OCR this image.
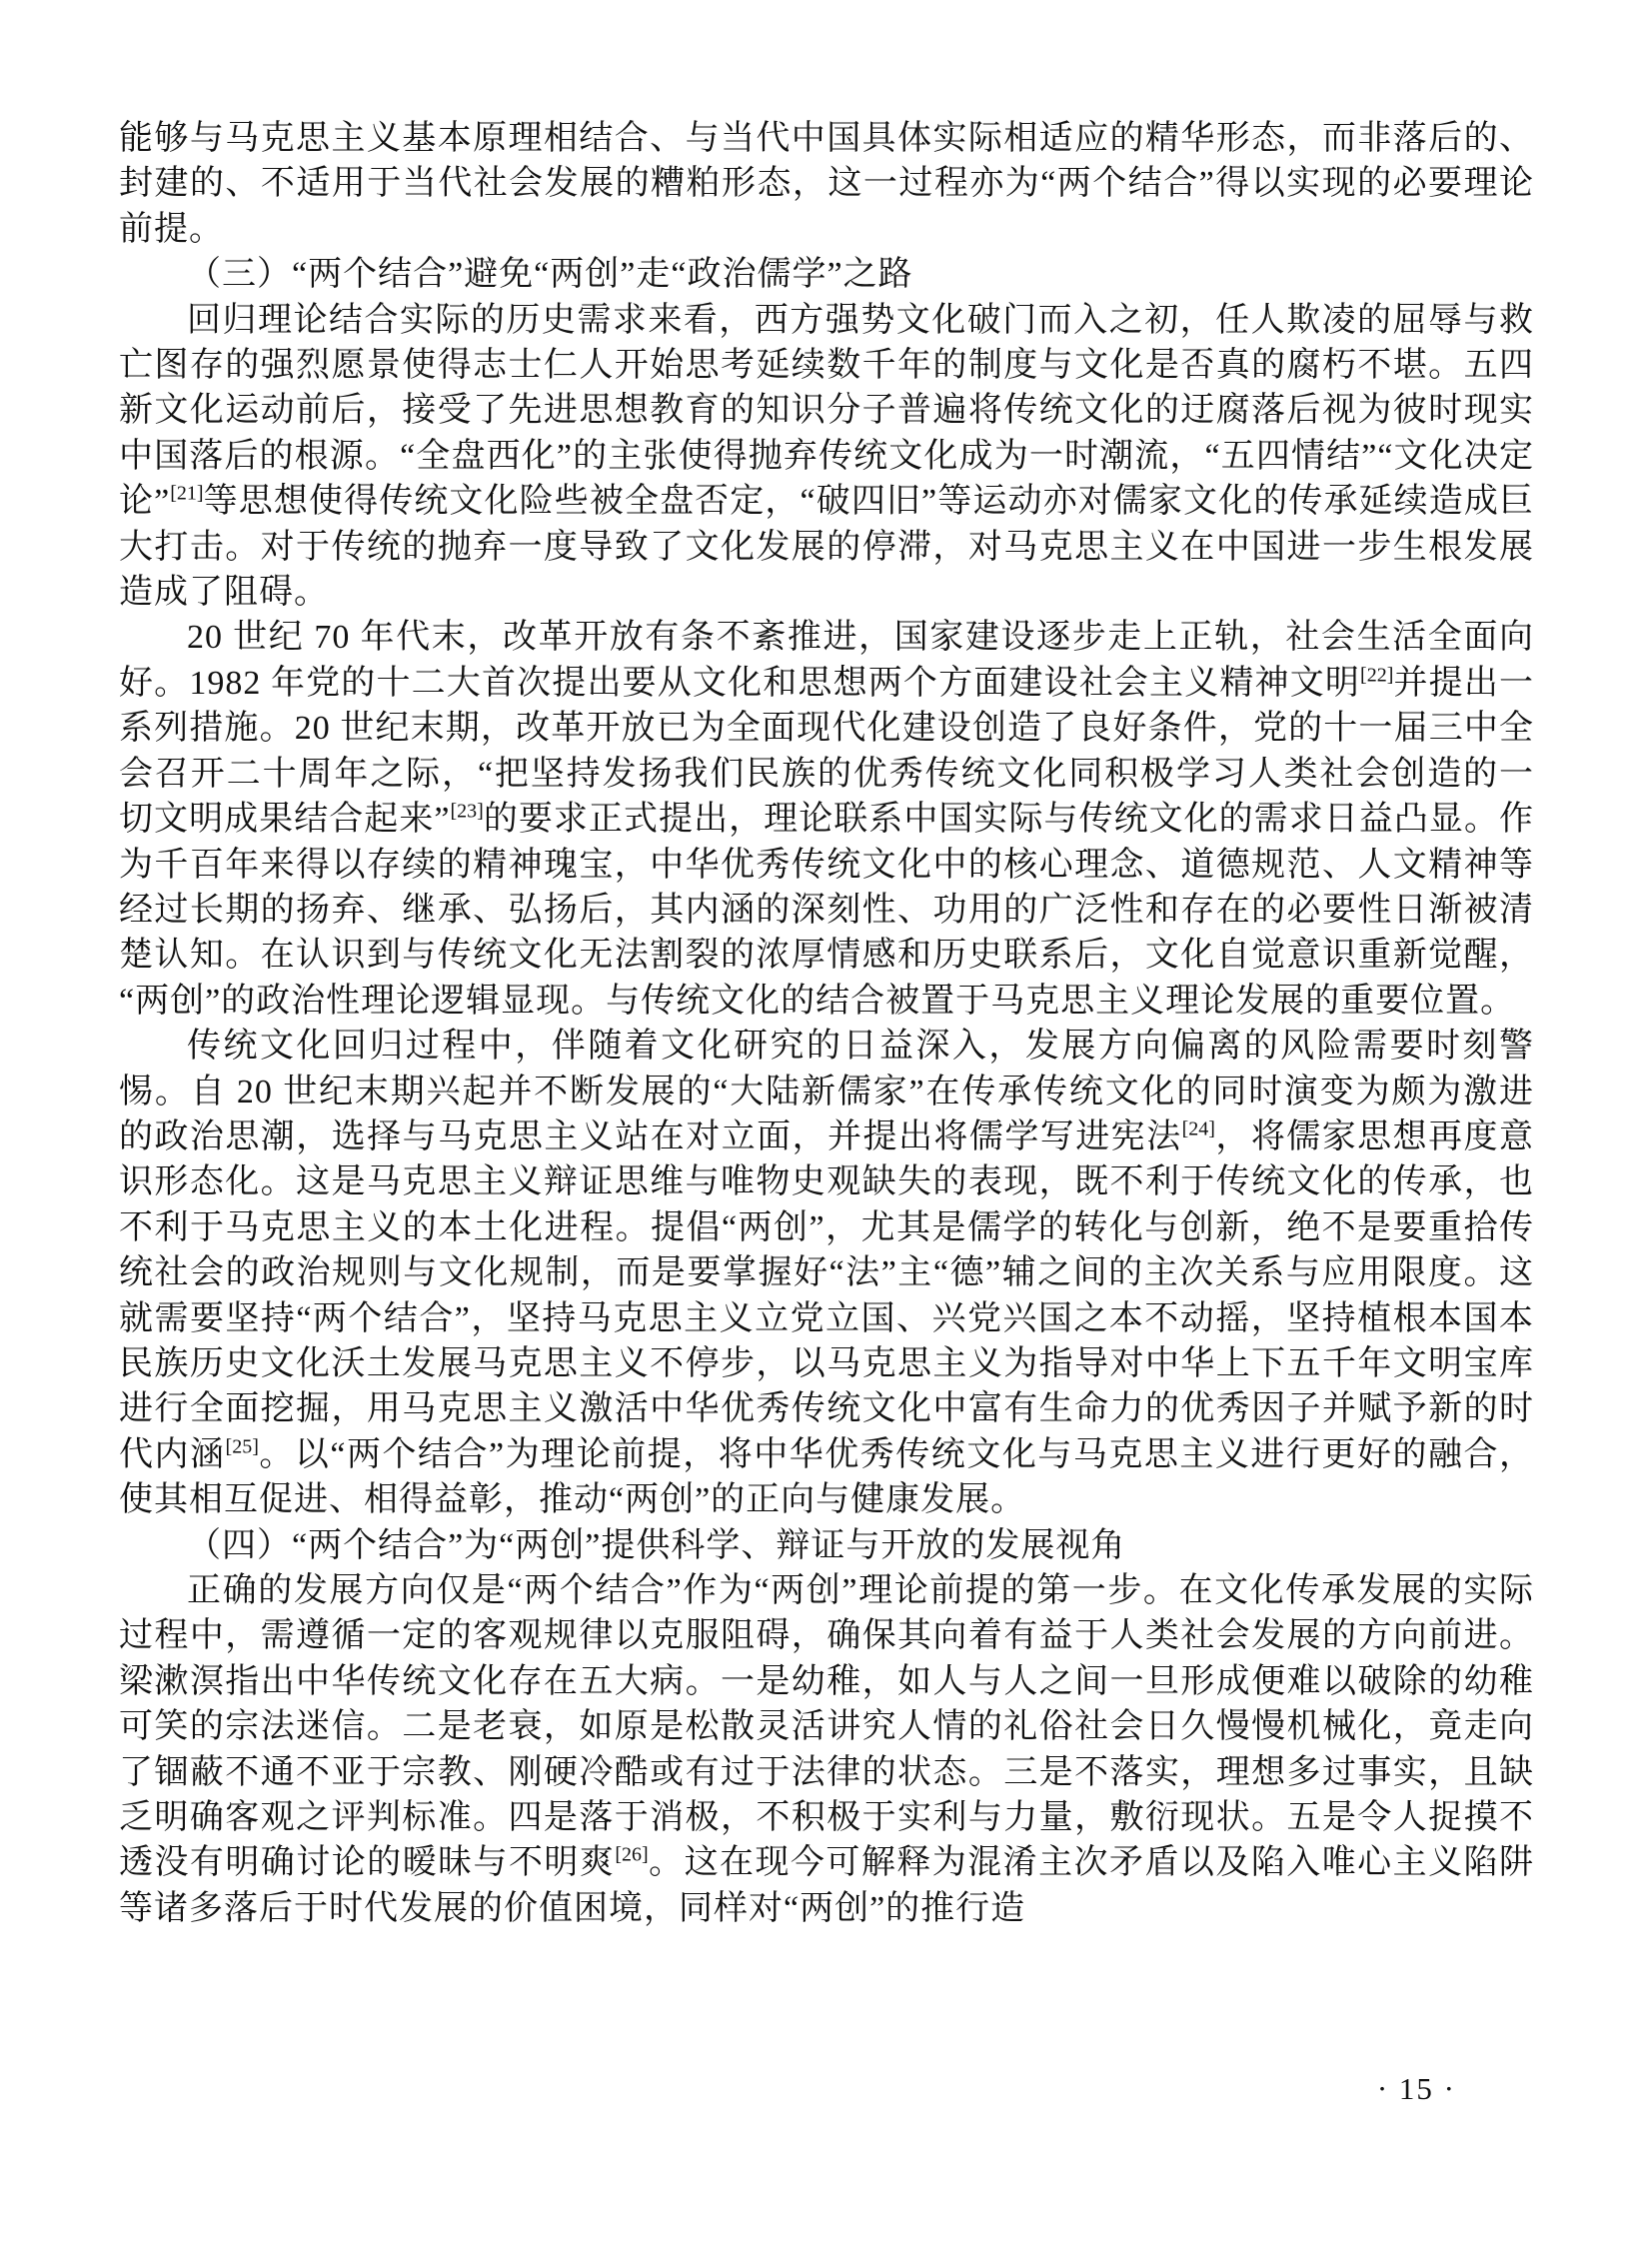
能够与马克思主义基本原理相结合、与当代中国具体实际相适应的精华形态，而非落后的、封建的、不适用于当代社会发展的糟粕形态，这一过程亦为“两个结合”得以实现的必要理论前提。

（三）“两个结合”避免“两创”走“政治儒学”之路

回归理论结合实际的历史需求来看，西方强势文化破门而入之初，任人欺凌的屈辱与救亡图存的强烈愿景使得志士仁人开始思考延续数千年的制度与文化是否真的腐朽不堪。五四新文化运动前后，接受了先进思想教育的知识分子普遍将传统文化的迂腐落后视为彼时现实中国落后的根源。“全盘西化”的主张使得抛弃传统文化成为一时潮流，“五四情结”“文化决定论”[21]等思想使得传统文化险些被全盘否定，“破四旧”等运动亦对儒家文化的传承延续造成巨大打击。对于传统的抛弃一度导致了文化发展的停滞，对马克思主义在中国进一步生根发展造成了阻碍。

20 世纪 70 年代末，改革开放有条不紊推进，国家建设逐步走上正轨，社会生活全面向好。1982 年党的十二大首次提出要从文化和思想两个方面建设社会主义精神文明[22]并提出一系列措施。20 世纪末期，改革开放已为全面现代化建设创造了良好条件，党的十一届三中全会召开二十周年之际，“把坚持发扬我们民族的优秀传统文化同积极学习人类社会创造的一切文明成果结合起来”[23]的要求正式提出，理论联系中国实际与传统文化的需求日益凸显。作为千百年来得以存续的精神瑰宝，中华优秀传统文化中的核心理念、道德规范、人文精神等经过长期的扬弃、继承、弘扬后，其内涵的深刻性、功用的广泛性和存在的必要性日渐被清楚认知。在认识到与传统文化无法割裂的浓厚情感和历史联系后，文化自觉意识重新觉醒，“两创”的政治性理论逻辑显现。与传统文化的结合被置于马克思主义理论发展的重要位置。

传统文化回归过程中，伴随着文化研究的日益深入，发展方向偏离的风险需要时刻警惕。自 20 世纪末期兴起并不断发展的“大陆新儒家”在传承传统文化的同时演变为颇为激进的政治思潮，选择与马克思主义站在对立面，并提出将儒学写进宪法[24]，将儒家思想再度意识形态化。这是马克思主义辩证思维与唯物史观缺失的表现，既不利于传统文化的传承，也不利于马克思主义的本土化进程。提倡“两创”，尤其是儒学的转化与创新，绝不是要重拾传统社会的政治规则与文化规制，而是要掌握好“法”主“德”辅之间的主次关系与应用限度。这就需要坚持“两个结合”，坚持马克思主义立党立国、兴党兴国之本不动摇，坚持植根本国本民族历史文化沃土发展马克思主义不停步，以马克思主义为指导对中华上下五千年文明宝库进行全面挖掘，用马克思主义激活中华优秀传统文化中富有生命力的优秀因子并赋予新的时代内涵[25]。以“两个结合”为理论前提，将中华优秀传统文化与马克思主义进行更好的融合，使其相互促进、相得益彰，推动“两创”的正向与健康发展。

（四）“两个结合”为“两创”提供科学、辩证与开放的发展视角

正确的发展方向仅是“两个结合”作为“两创”理论前提的第一步。在文化传承发展的实际过程中，需遵循一定的客观规律以克服阻碍，确保其向着有益于人类社会发展的方向前进。梁漱溟指出中华传统文化存在五大病。一是幼稚，如人与人之间一旦形成便难以破除的幼稚可笑的宗法迷信。二是老衰，如原是松散灵活讲究人情的礼俗社会日久慢慢机械化，竟走向了锢蔽不通不亚于宗教、刚硬冷酷或有过于法律的状态。三是不落实，理想多过事实，且缺乏明确客观之评判标准。四是落于消极，不积极于实利与力量，敷衍现状。五是令人捉摸不透没有明确讨论的暧昧与不明爽[26]。这在现今可解释为混淆主次矛盾以及陷入唯心主义陷阱等诸多落后于时代发展的价值困境，同样对“两创”的推行造

· 15 ·
